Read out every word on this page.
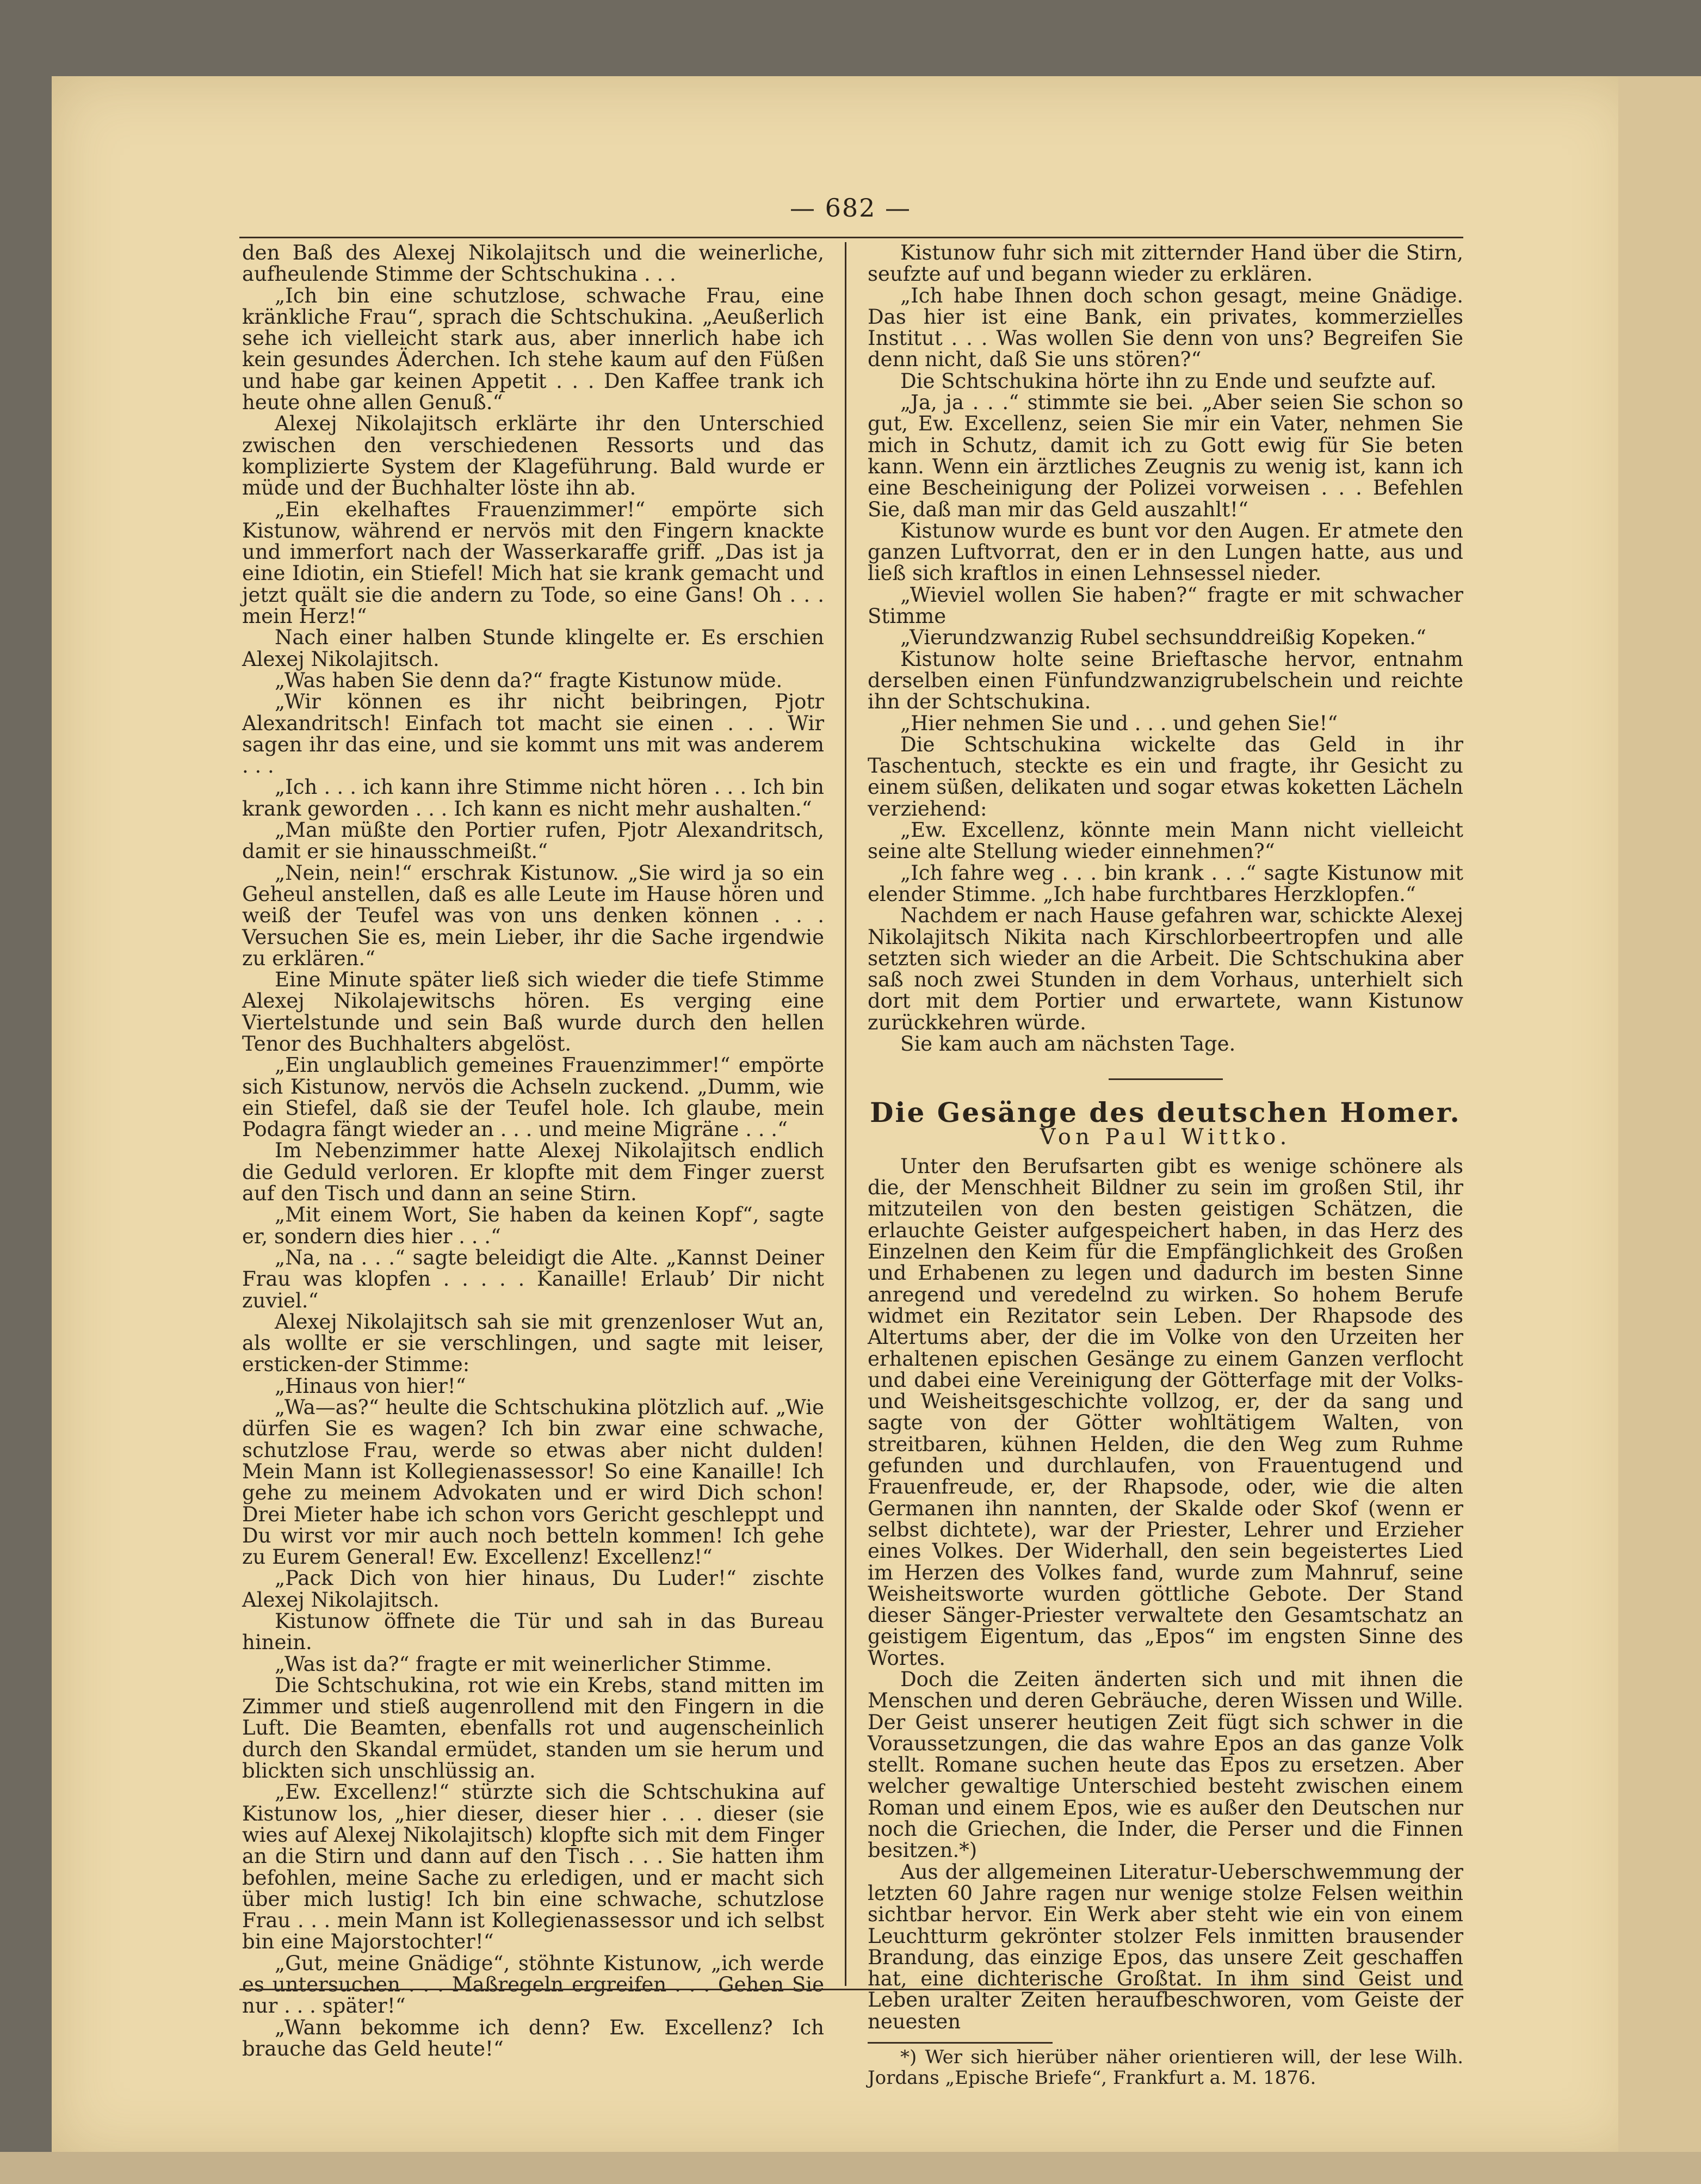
— 682 —

den Baß des Alexej Nikolajitsch und die weinerliche, aufheulende Stimme der Schtschukina . . .

„Ich bin eine schutzlose, schwache Frau, eine kränkliche Frau“, sprach die Schtschukina. „Aeußerlich sehe ich vielleicht stark aus, aber innerlich habe ich kein gesundes Äderchen. Ich stehe kaum auf den Füßen und habe gar keinen Appetit . . . Den Kaffee trank ich heute ohne allen Genuß.“

Alexej Nikolajitsch erklärte ihr den Unterschied zwischen den verschiedenen Ressorts und das komplizierte System der Klageführung. Bald wurde er müde und der Buchhalter löste ihn ab.

„Ein ekelhaftes Frauenzimmer!“ empörte sich Kistunow, während er nervös mit den Fingern knackte und immerfort nach der Wasserkaraffe griff. „Das ist ja eine Idiotin, ein Stiefel! Mich hat sie krank gemacht und jetzt quält sie die andern zu Tode, so eine Gans! Oh . . . mein Herz!“

Nach einer halben Stunde klingelte er. Es erschien Alexej Nikolajitsch.

„Was haben Sie denn da?“ fragte Kistunow müde.

„Wir können es ihr nicht beibringen, Pjotr Alexandritsch! Einfach tot macht sie einen . . . Wir sagen ihr das eine, und sie kommt uns mit was anderem . . .

„Ich . . . ich kann ihre Stimme nicht hören . . . Ich bin krank geworden . . . Ich kann es nicht mehr aushalten.“

„Man müßte den Portier rufen, Pjotr Alexandritsch, damit er sie hinausschmeißt.“

„Nein, nein!“ erschrak Kistunow. „Sie wird ja so ein Geheul anstellen, daß es alle Leute im Hause hören und weiß der Teufel was von uns denken können . . . Versuchen Sie es, mein Lieber, ihr die Sache irgendwie zu erklären.“

Eine Minute später ließ sich wieder die tiefe Stimme Alexej Nikolajewitschs hören. Es verging eine Viertelstunde und sein Baß wurde durch den hellen Tenor des Buchhalters abgelöst.

„Ein unglaublich gemeines Frauenzimmer!“ empörte sich Kistunow, nervös die Achseln zuckend. „Dumm, wie ein Stiefel, daß sie der Teufel hole. Ich glaube, mein Podagra fängt wieder an . . . und meine Migräne . . .“

Im Nebenzimmer hatte Alexej Nikolajitsch endlich die Geduld verloren. Er klopfte mit dem Finger zuerst auf den Tisch und dann an seine Stirn.

„Mit einem Wort, Sie haben da keinen Kopf“, sagte er, sondern dies hier . . .“

„Na, na . . .“ sagte beleidigt die Alte. „Kannst Deiner Frau was klopfen . . . . . Kanaille! Erlaub’ Dir nicht zuviel.“

Alexej Nikolajitsch sah sie mit grenzenloser Wut an, als wollte er sie verschlingen, und sagte mit leiser, ersticken-der Stimme:

„Hinaus von hier!“

„Wa—as?“ heulte die Schtschukina plötzlich auf. „Wie dürfen Sie es wagen? Ich bin zwar eine schwache, schutzlose Frau, werde so etwas aber nicht dulden! Mein Mann ist Kollegienassessor! So eine Kanaille! Ich gehe zu meinem Advokaten und er wird Dich schon! Drei Mieter habe ich schon vors Gericht geschleppt und Du wirst vor mir auch noch betteln kommen! Ich gehe zu Eurem General! Ew. Excellenz! Excellenz!“

„Pack Dich von hier hinaus, Du Luder!“ zischte Alexej Nikolajitsch.

Kistunow öffnete die Tür und sah in das Bureau hinein.

„Was ist da?“ fragte er mit weinerlicher Stimme.

Die Schtschukina, rot wie ein Krebs, stand mitten im Zimmer und stieß augenrollend mit den Fingern in die Luft. Die Beamten, ebenfalls rot und augenscheinlich durch den Skandal ermüdet, standen um sie herum und blickten sich unschlüssig an.

„Ew. Excellenz!“ stürzte sich die Schtschukina auf Kistunow los, „hier dieser, dieser hier . . . dieser (sie wies auf Alexej Nikolajitsch) klopfte sich mit dem Finger an die Stirn und dann auf den Tisch . . . Sie hatten ihm befohlen, meine Sache zu erledigen, und er macht sich über mich lustig! Ich bin eine schwache, schutzlose Frau . . . mein Mann ist Kollegienassessor und ich selbst bin eine Majorstochter!“

„Gut, meine Gnädige“, stöhnte Kistunow, „ich werde es untersuchen . . . Maßregeln ergreifen . . . Gehen Sie nur . . . später!“

„Wann bekomme ich denn? Ew. Excellenz? Ich brauche das Geld heute!“

Kistunow fuhr sich mit zitternder Hand über die Stirn, seufzte auf und begann wieder zu erklären.

„Ich habe Ihnen doch schon gesagt, meine Gnädige. Das hier ist eine Bank, ein privates, kommerzielles Institut . . . Was wollen Sie denn von uns? Begreifen Sie denn nicht, daß Sie uns stören?“

Die Schtschukina hörte ihn zu Ende und seufzte auf.

„Ja, ja . . .“ stimmte sie bei. „Aber seien Sie schon so gut, Ew. Excellenz, seien Sie mir ein Vater, nehmen Sie mich in Schutz, damit ich zu Gott ewig für Sie beten kann. Wenn ein ärztliches Zeugnis zu wenig ist, kann ich eine Bescheinigung der Polizei vorweisen . . . Befehlen Sie, daß man mir das Geld auszahlt!“

Kistunow wurde es bunt vor den Augen. Er atmete den ganzen Luftvorrat, den er in den Lungen hatte, aus und ließ sich kraftlos in einen Lehnsessel nieder.

„Wieviel wollen Sie haben?“ fragte er mit schwacher Stimme

„Vierundzwanzig Rubel sechsunddreißig Kopeken.“

Kistunow holte seine Brieftasche hervor, entnahm derselben einen Fünfundzwanzigrubelschein und reichte ihn der Schtschukina.

„Hier nehmen Sie und . . . und gehen Sie!“

Die Schtschukina wickelte das Geld in ihr Taschentuch, steckte es ein und fragte, ihr Gesicht zu einem süßen, delikaten und sogar etwas koketten Lächeln verziehend:

„Ew. Excellenz, könnte mein Mann nicht vielleicht seine alte Stellung wieder einnehmen?“

„Ich fahre weg . . . bin krank . . .“ sagte Kistunow mit elender Stimme. „Ich habe furchtbares Herzklopfen.“

Nachdem er nach Hause gefahren war, schickte Alexej Nikolajitsch Nikita nach Kirschlorbeertropfen und alle setzten sich wieder an die Arbeit. Die Schtschukina aber saß noch zwei Stunden in dem Vorhaus, unterhielt sich dort mit dem Portier und erwartete, wann Kistunow zurückkehren würde.

Sie kam auch am nächsten Tage.

Die Gesänge des deutschen Homer.

Von Paul Wittko.

Unter den Berufsarten gibt es wenige schönere als die, der Menschheit Bildner zu sein im großen Stil, ihr mitzuteilen von den besten geistigen Schätzen, die erlauchte Geister aufgespeichert haben, in das Herz des Einzelnen den Keim für die Empfänglichkeit des Großen und Erhabenen zu legen und dadurch im besten Sinne anregend und veredelnd zu wirken. So hohem Berufe widmet ein Rezitator sein Leben. Der Rhapsode des Altertums aber, der die im Volke von den Urzeiten her erhaltenen epischen Gesänge zu einem Ganzen verflocht und dabei eine Vereinigung der Götterfage mit der Volks- und Weisheitsgeschichte vollzog, er, der da sang und sagte von der Götter wohltätigem Walten, von streitbaren, kühnen Helden, die den Weg zum Ruhme gefunden und durchlaufen, von Frauentugend und Frauenfreude, er, der Rhapsode, oder, wie die alten Germanen ihn nannten, der Skalde oder Skof (wenn er selbst dichtete), war der Priester, Lehrer und Erzieher eines Volkes. Der Widerhall, den sein begeistertes Lied im Herzen des Volkes fand, wurde zum Mahnruf, seine Weisheitsworte wurden göttliche Gebote. Der Stand dieser Sänger-Priester verwaltete den Gesamtschatz an geistigem Eigentum, das „Epos“ im engsten Sinne des Wortes.

Doch die Zeiten änderten sich und mit ihnen die Menschen und deren Gebräuche, deren Wissen und Wille. Der Geist unserer heutigen Zeit fügt sich schwer in die Voraussetzungen, die das wahre Epos an das ganze Volk stellt. Romane suchen heute das Epos zu ersetzen. Aber welcher gewaltige Unterschied besteht zwischen einem Roman und einem Epos, wie es außer den Deutschen nur noch die Griechen, die Inder, die Perser und die Finnen besitzen.*)

Aus der allgemeinen Literatur-Ueberschwemmung der letzten 60 Jahre ragen nur wenige stolze Felsen weithin sichtbar hervor. Ein Werk aber steht wie ein von einem Leuchtturm gekrönter stolzer Fels inmitten brausender Brandung, das einzige Epos, das unsere Zeit geschaffen hat, eine dichterische Großtat. In ihm sind Geist und Leben uralter Zeiten heraufbeschworen, vom Geiste der neuesten

*) Wer sich hierüber näher orientieren will, der lese Wilh. Jordans „Epische Briefe“, Frankfurt a. M. 1876.
